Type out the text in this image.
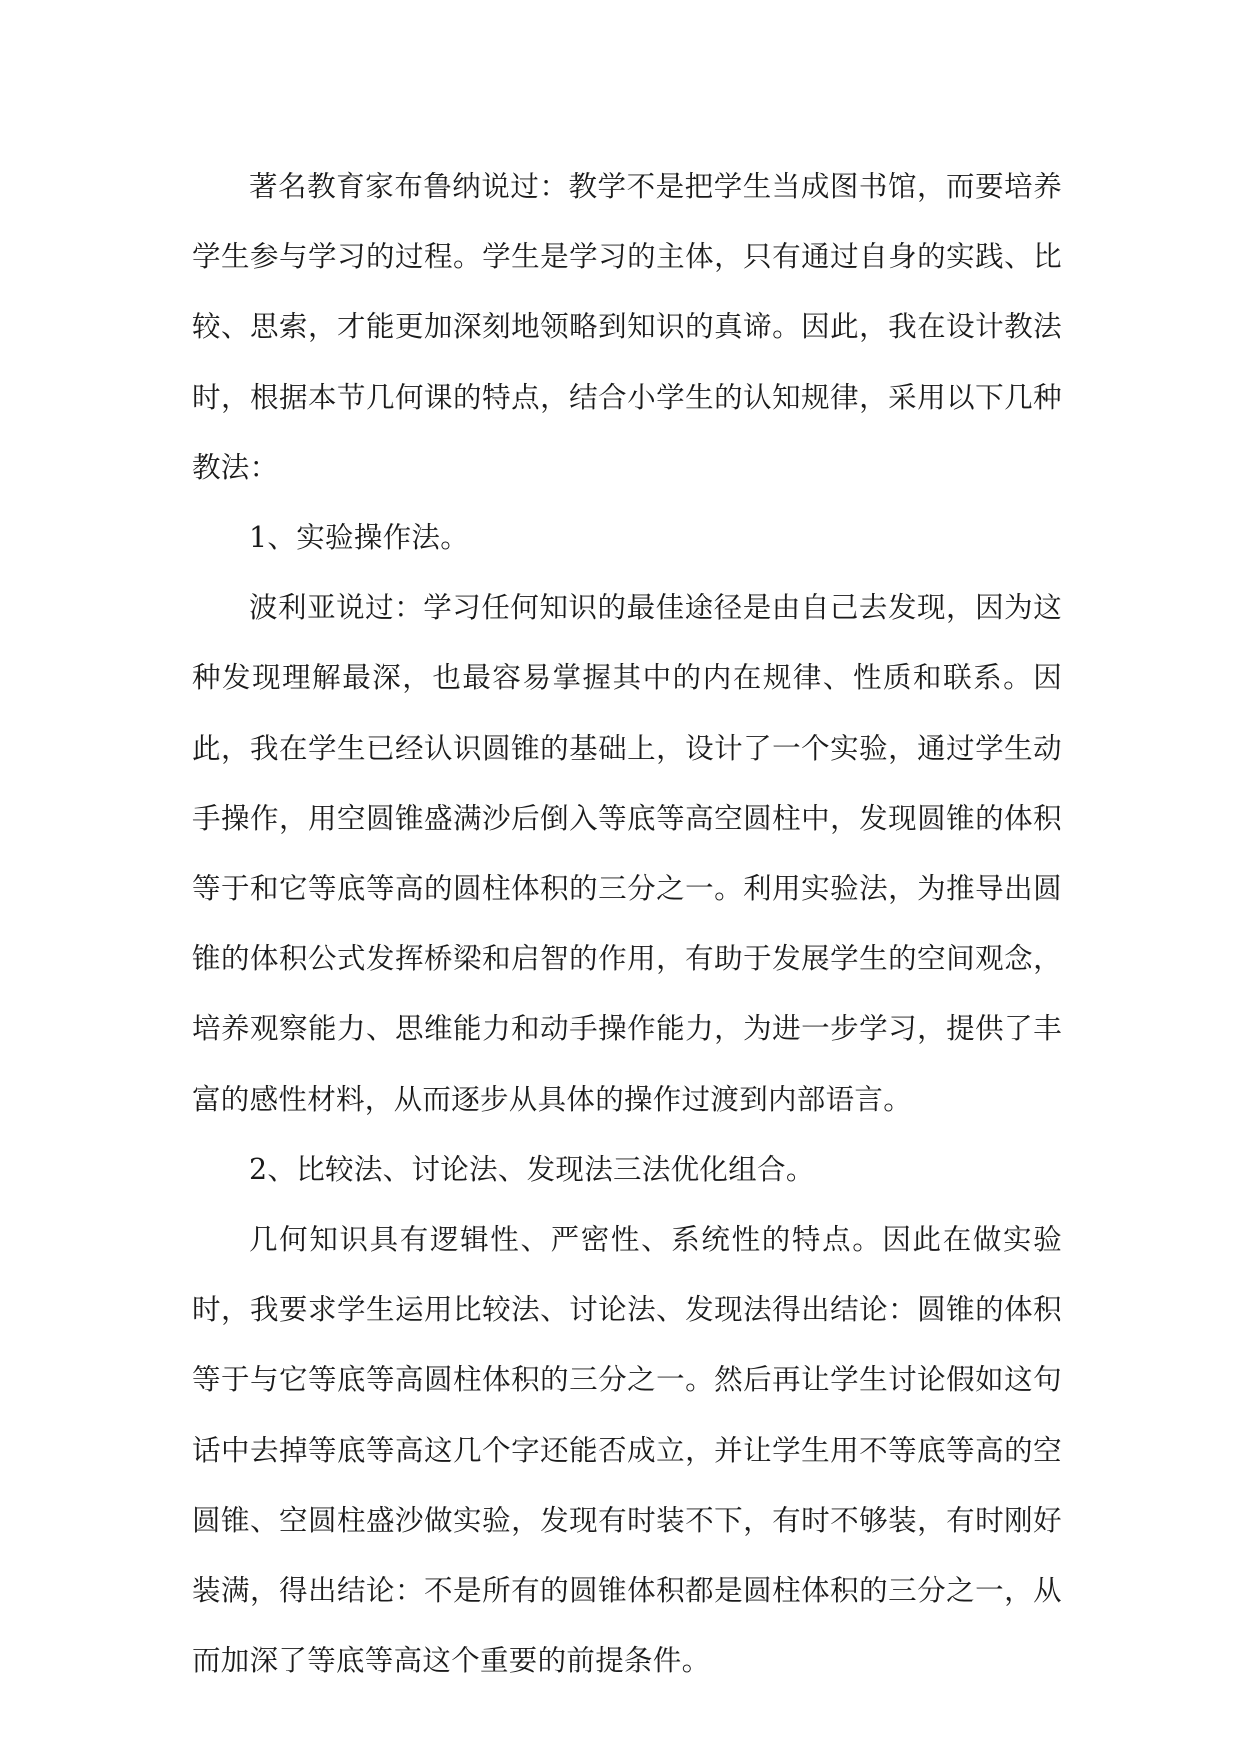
著名教育家布鲁纳说过：教学不是把学生当成图书馆，而要培养学生参与学习的过程。学生是学习的主体，只有通过自身的实践、比较、思索，才能更加深刻地领略到知识的真谛。因此，我在设计教法时，根据本节几何课的特点，结合小学生的认知规律，采用以下几种教法：

1、实验操作法。

波利亚说过：学习任何知识的最佳途径是由自己去发现，因为这种发现理解最深，也最容易掌握其中的内在规律、性质和联系。因此，我在学生已经认识圆锥的基础上，设计了一个实验，通过学生动手操作，用空圆锥盛满沙后倒入等底等高空圆柱中，发现圆锥的体积等于和它等底等高的圆柱体积的三分之一。利用实验法，为推导出圆锥的体积公式发挥桥梁和启智的作用，有助于发展学生的空间观念，培养观察能力、思维能力和动手操作能力，为进一步学习，提供了丰富的感性材料，从而逐步从具体的操作过渡到内部语言。

2、比较法、讨论法、发现法三法优化组合。

几何知识具有逻辑性、严密性、系统性的特点。因此在做实验时，我要求学生运用比较法、讨论法、发现法得出结论：圆锥的体积等于与它等底等高圆柱体积的三分之一。然后再让学生讨论假如这句话中去掉等底等高这几个字还能否成立，并让学生用不等底等高的空圆锥、空圆柱盛沙做实验，发现有时装不下，有时不够装，有时刚好装满，得出结论：不是所有的圆锥体积都是圆柱体积的三分之一，从而加深了等底等高这个重要的前提条件。
